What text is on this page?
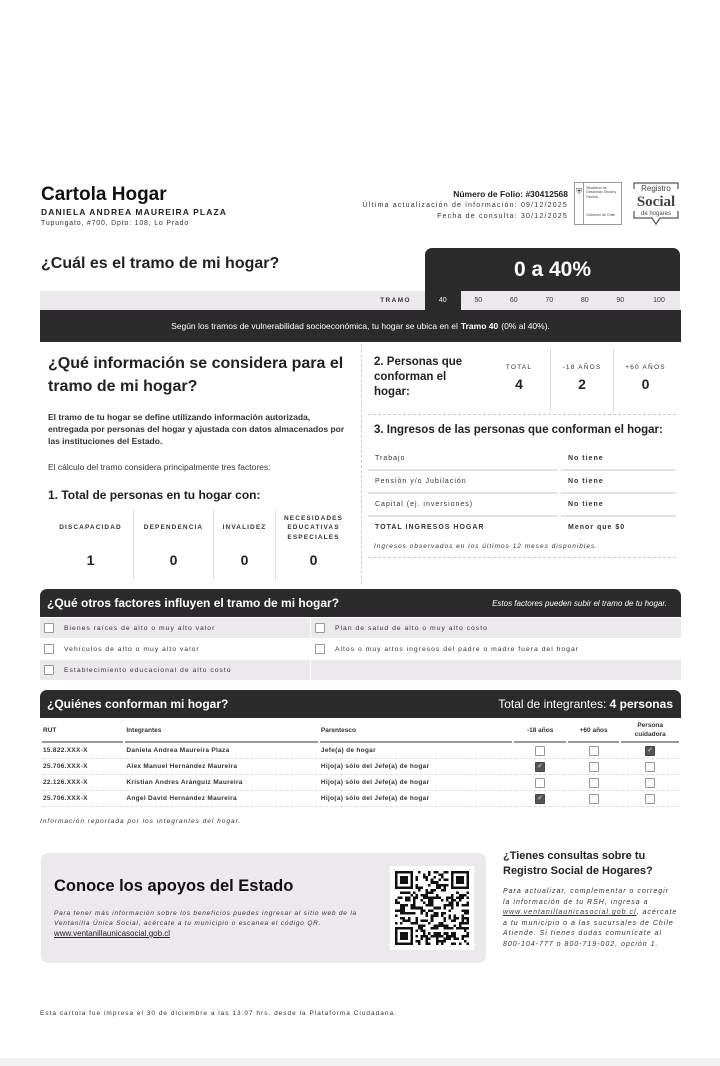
Cartola Hogar
DANIELA ANDREA MAUREIRA PLAZA
Tupungato, #700, Dpto: 108, Lo Prado
Número de Folio: #30412568
Última actualización de información: 09/12/2025
Fecha de consulta: 30/12/2025
⛨	Ministerio de Desarrollo Social y Familia
Gobierno de Chile
Registro
Social
de hogares
¿Cuál es el tramo de mi hogar?	0 a 40%
TRAMO	40	50	60	70	80	90	100
Según los tramos de vulnerabilidad socioeconómica, tu hogar se ubica en el Tramo 40 (0% al 40%).
¿Qué información se considera para el tramo de mi hogar?
El tramo de tu hogar se define utilizando información autorizada, entregada por personas del hogar y ajustada con datos almacenados por las instituciones del Estado.
El cálculo del tramo considera principalmente tres factores:
1. Total de personas en tu hogar con:
DISCAPACIDAD
1
DEPENDENCIA
0
INVALIDEZ
0
NECESIDADES EDUCATIVAS ESPECIALES
0
2. Personas que conforman el hogar:
TOTAL
4
-18 AÑOS
2
+60 AÑOS
0
3. Ingresos de las personas que conforman el hogar:
Trabajo	No tiene
Pensión y/o Jubilación	No tiene
Capital (ej. inversiones)	No tiene
TOTAL INGRESOS HOGAR	Menor que $0
Ingresos observados en los últimos 12 meses disponibles.
¿Qué otros factores influyen el tramo de mi hogar?	Estos factores pueden subir el tramo de tu hogar.
Bienes raíces de alto o muy alto valor	Plan de salud de alto o muy alto costo
Vehículos de alto o muy alto valor	Altos o muy altos ingresos del padre o madre fuera del hogar
Establecimiento educacional de alto costo
¿Quiénes conforman mi hogar?	Total de integrantes: 4 personas
RUT	Integrantes	Parentesco	-18 años	+60 años	Persona cuidadora
15.822.XXX-X	Daniela Andrea Maureira Plaza	Jefe(a) de hogar			✓
25.706.XXX-X	Alex Manuel Hernández Maureira	Hijo(a) sólo del Jefe(a) de hogar	✓		
22.126.XXX-X	Kristian Andres Aránguiz Maureira	Hijo(a) sólo del Jefe(a) de hogar			
25.706.XXX-X	Angel David Hernández Maureira	Hijo(a) sólo del Jefe(a) de hogar	✓		
Información reportada por los integrantes del hogar.
Conoce los apoyos del Estado
Para tener más información sobre los beneficios puedes ingresar al sitio web de la Ventanilla Única Social, acércate a tu municipio o escanea el código QR.
www.ventanillaunicasocial.gob.cl
¿Tienes consultas sobre tu Registro Social de Hogares?
Para actualizar, complementar o corregir la información de tu RSH, ingresa a www.ventanillaunicasocial.gob.cl, acércate a tu municipio o a las sucursales de Chile Atiende. Si tienes dudas comunícate al 800-104-777 o 800-719-002, opción 1.
Esta cartola fue impresa el 30 de diciembre a las 13:07 hrs. desde la Plataforma Ciudadana.
